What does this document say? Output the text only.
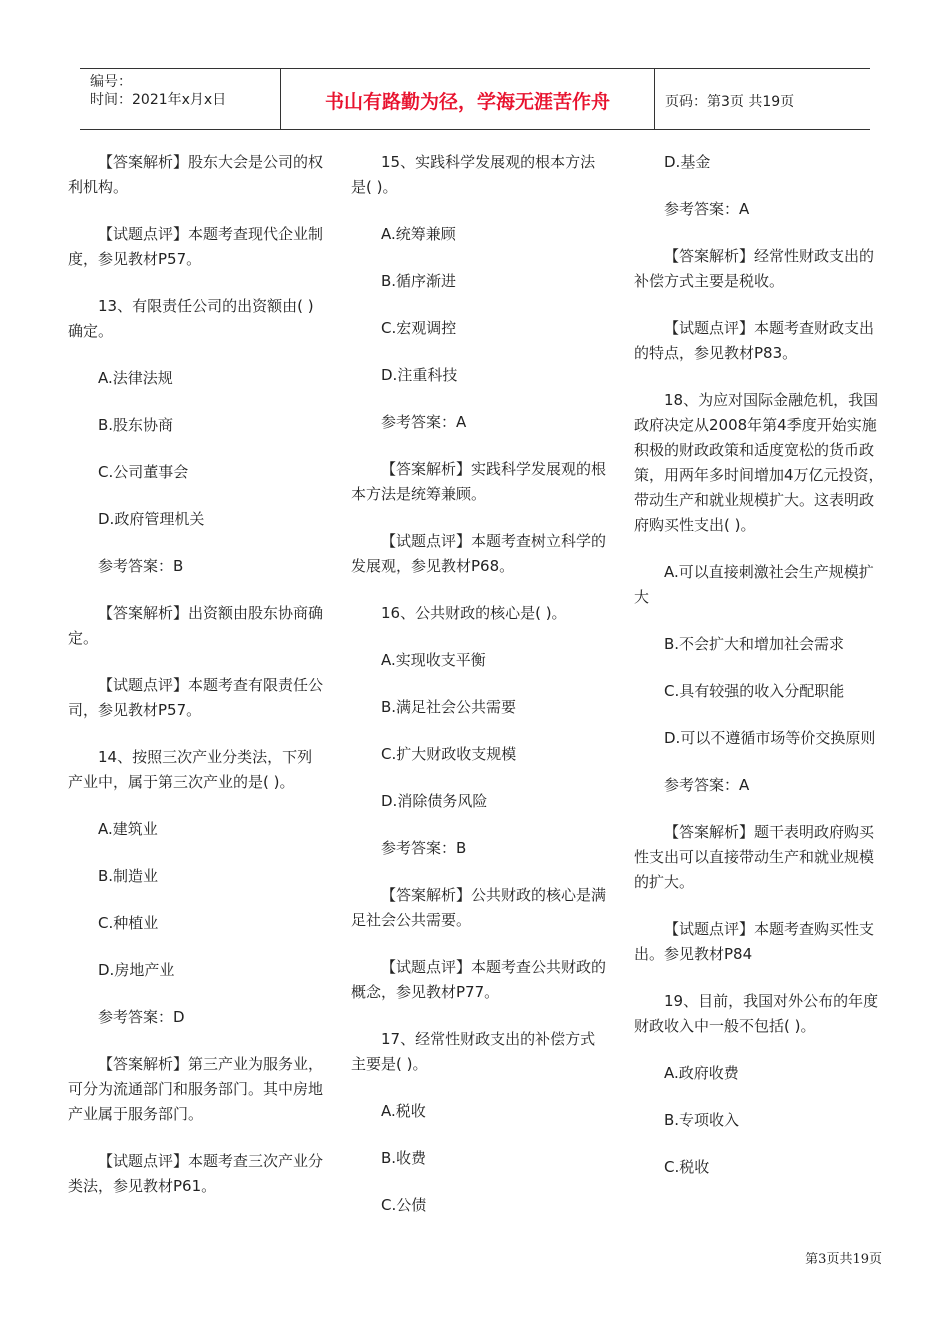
编号：
时间：2021年x月x日	书山有路勤为径，学海无涯苦作舟	页码：第3页 共19页

【答案解析】股东大会是公司的权利机构。

【试题点评】本题考查现代企业制度，参见教材P57。

13、有限责任公司的出资额由( )确定。

A.法律法规

B.股东协商

C.公司董事会

D.政府管理机关

参考答案：B

【答案解析】出资额由股东协商确定。

【试题点评】本题考查有限责任公司，参见教材P57。

14、按照三次产业分类法，下列产业中，属于第三次产业的是( )。

A.建筑业

B.制造业

C.种植业

D.房地产业

参考答案：D

【答案解析】第三产业为服务业，可分为流通部门和服务部门。其中房地产业属于服务部门。

【试题点评】本题考查三次产业分类法，参见教材P61。

15、实践科学发展观的根本方法是( )。

A.统筹兼顾

B.循序渐进

C.宏观调控

D.注重科技

参考答案：A

【答案解析】实践科学发展观的根本方法是统筹兼顾。

【试题点评】本题考查树立科学的发展观，参见教材P68。

16、公共财政的核心是( )。

A.实现收支平衡

B.满足社会公共需要

C.扩大财政收支规模

D.消除债务风险

参考答案：B

【答案解析】公共财政的核心是满足社会公共需要。

【试题点评】本题考查公共财政的概念，参见教材P77。

17、经常性财政支出的补偿方式主要是( )。

A.税收

B.收费

C.公债

D.基金

参考答案：A

【答案解析】经常性财政支出的补偿方式主要是税收。

【试题点评】本题考查财政支出的特点，参见教材P83。

18、为应对国际金融危机，我国政府决定从2008年第4季度开始实施积极的财政政策和适度宽松的货币政策，用两年多时间增加4万亿元投资，带动生产和就业规模扩大。这表明政府购买性支出( )。

A.可以直接刺激社会生产规模扩大

B.不会扩大和增加社会需求

C.具有较强的收入分配职能

D.可以不遵循市场等价交换原则

参考答案：A

【答案解析】题干表明政府购买性支出可以直接带动生产和就业规模的扩大。

【试题点评】本题考查购买性支出。参见教材P84

19、目前，我国对外公布的年度财政收入中一般不包括( )。

A.政府收费

B.专项收入

C.税收

第3页共19页
